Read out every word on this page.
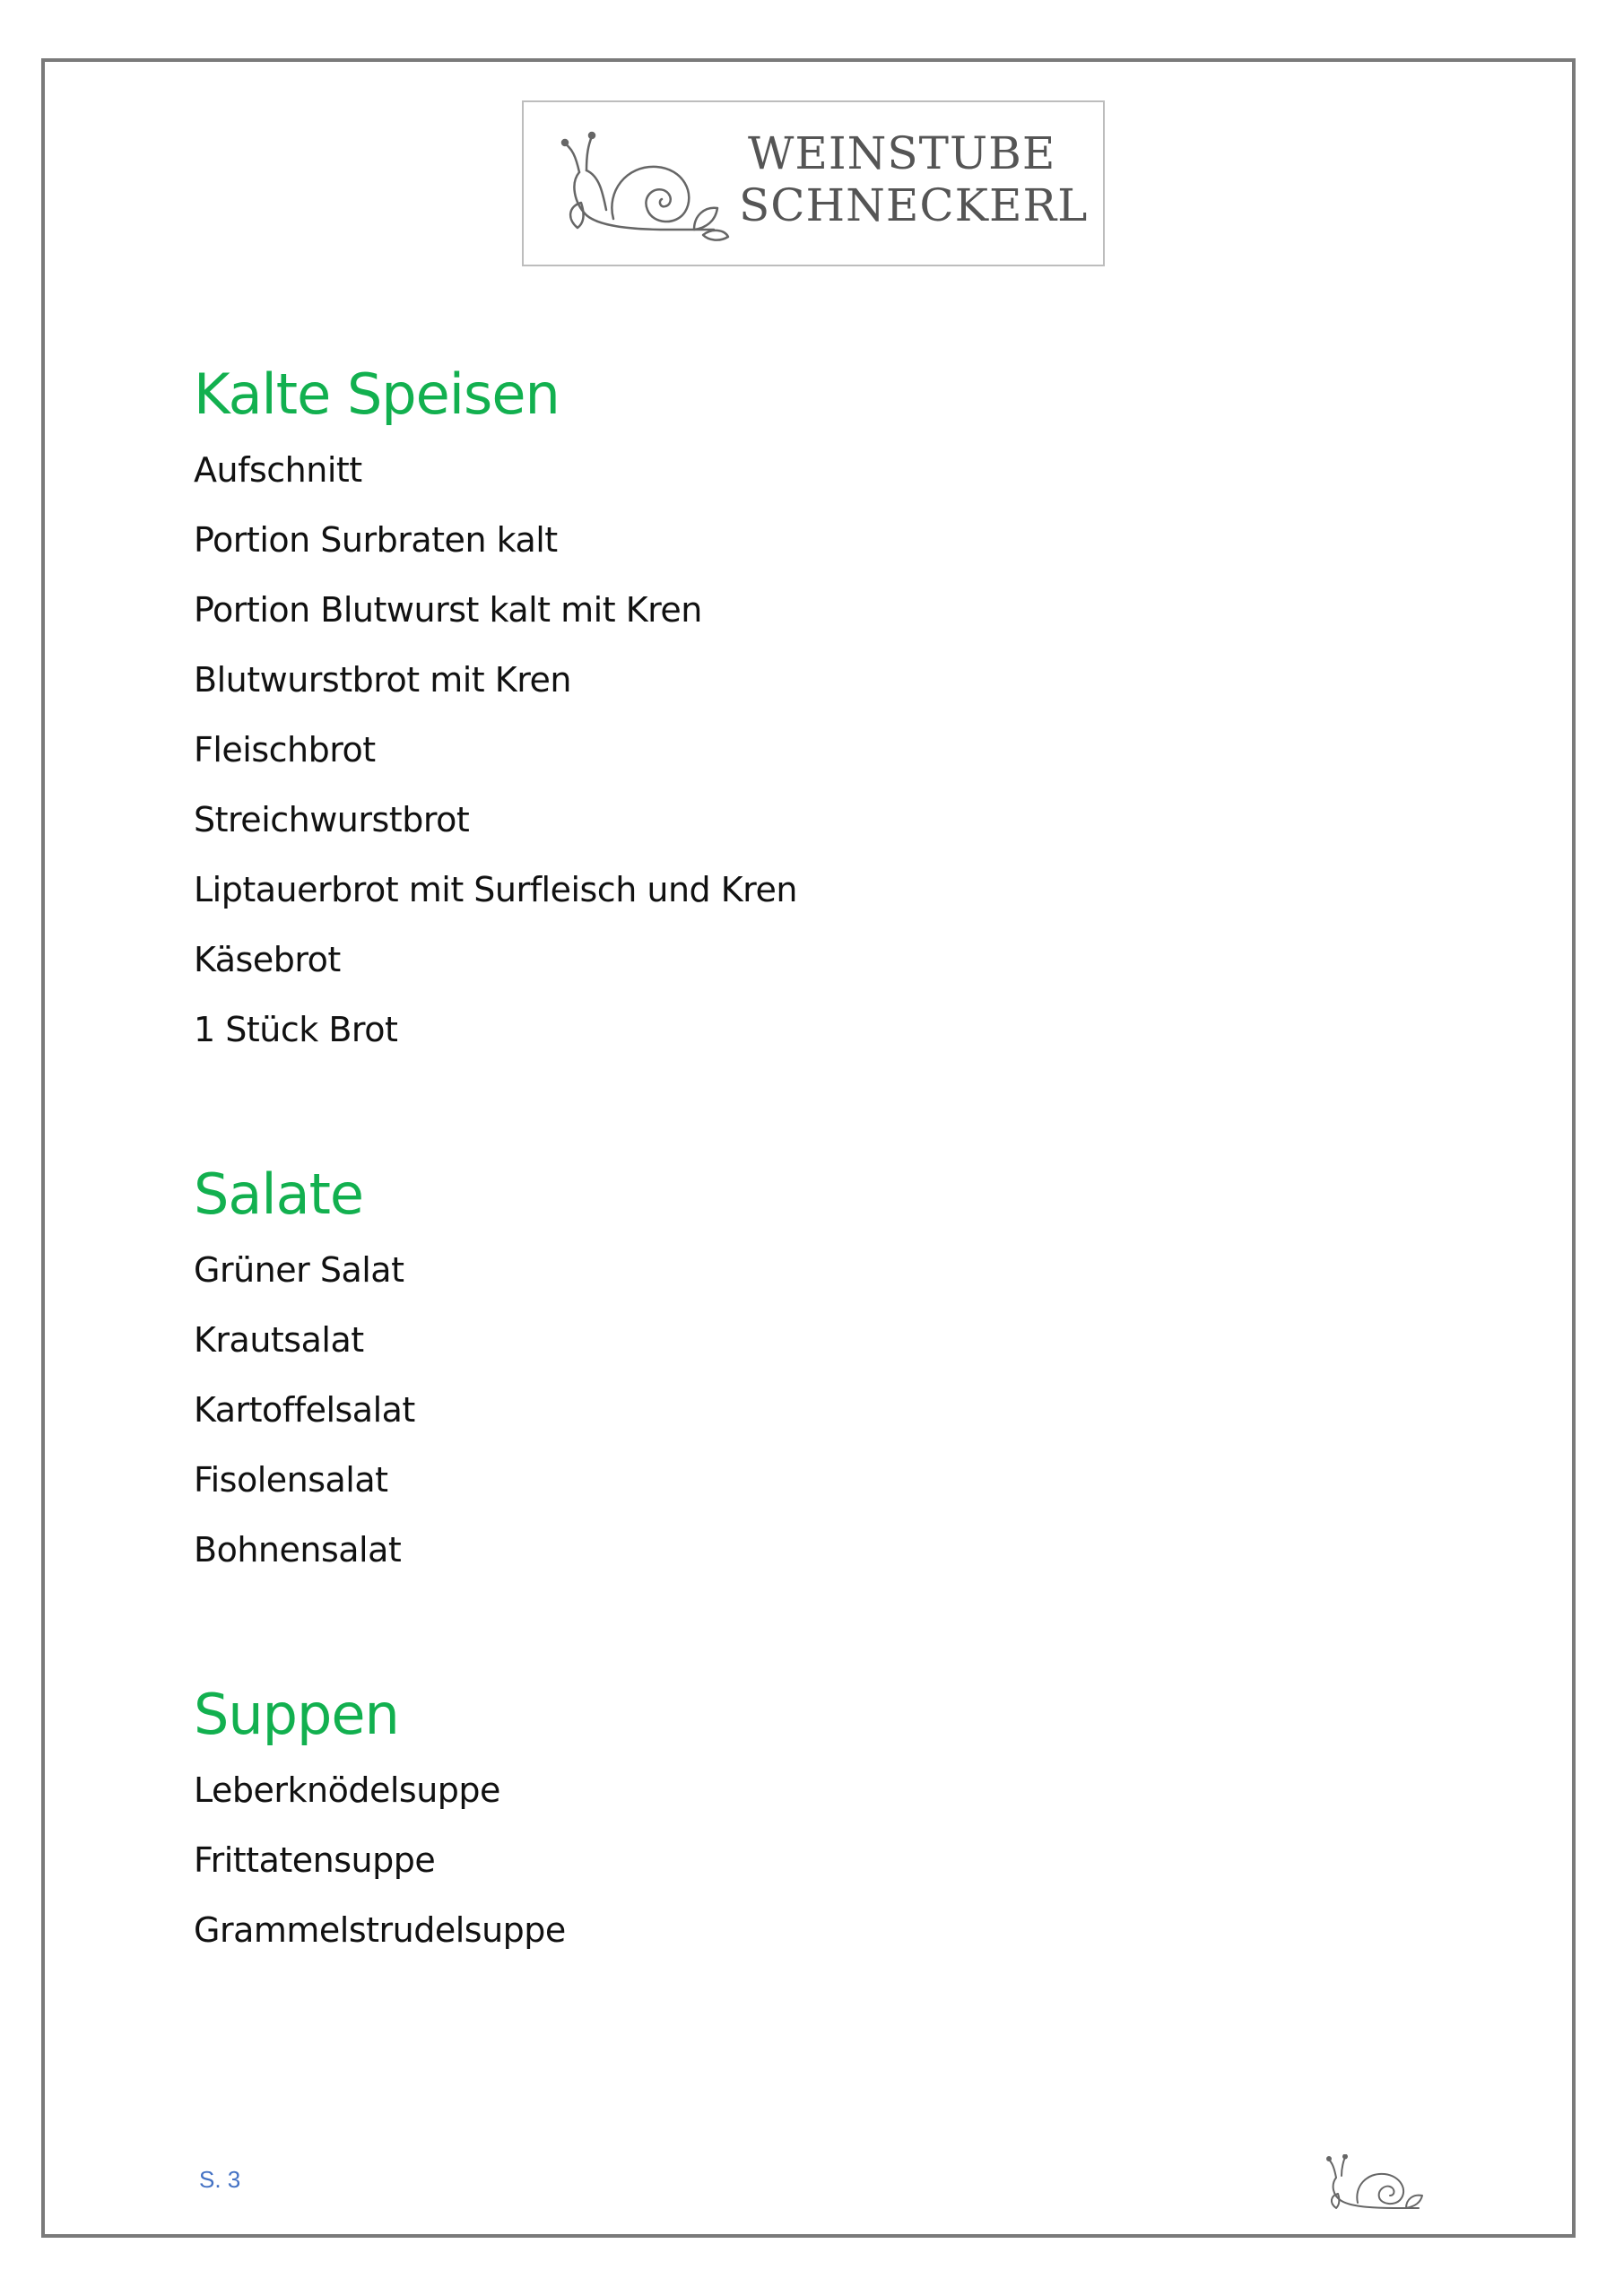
WEINSTUBE
SCHNECKERL
Kalte Speisen
Aufschnitt
Portion Surbraten kalt
Portion Blutwurst kalt mit Kren
Blutwurstbrot mit Kren
Fleischbrot
Streichwurstbrot
Liptauerbrot mit Surfleisch und Kren
Käsebrot
1 Stück Brot
Salate
Grüner Salat
Krautsalat
Kartoffelsalat
Fisolensalat
Bohnensalat
Suppen
Leberknödelsuppe
Frittatensuppe
Grammelstrudelsuppe
S. 3
